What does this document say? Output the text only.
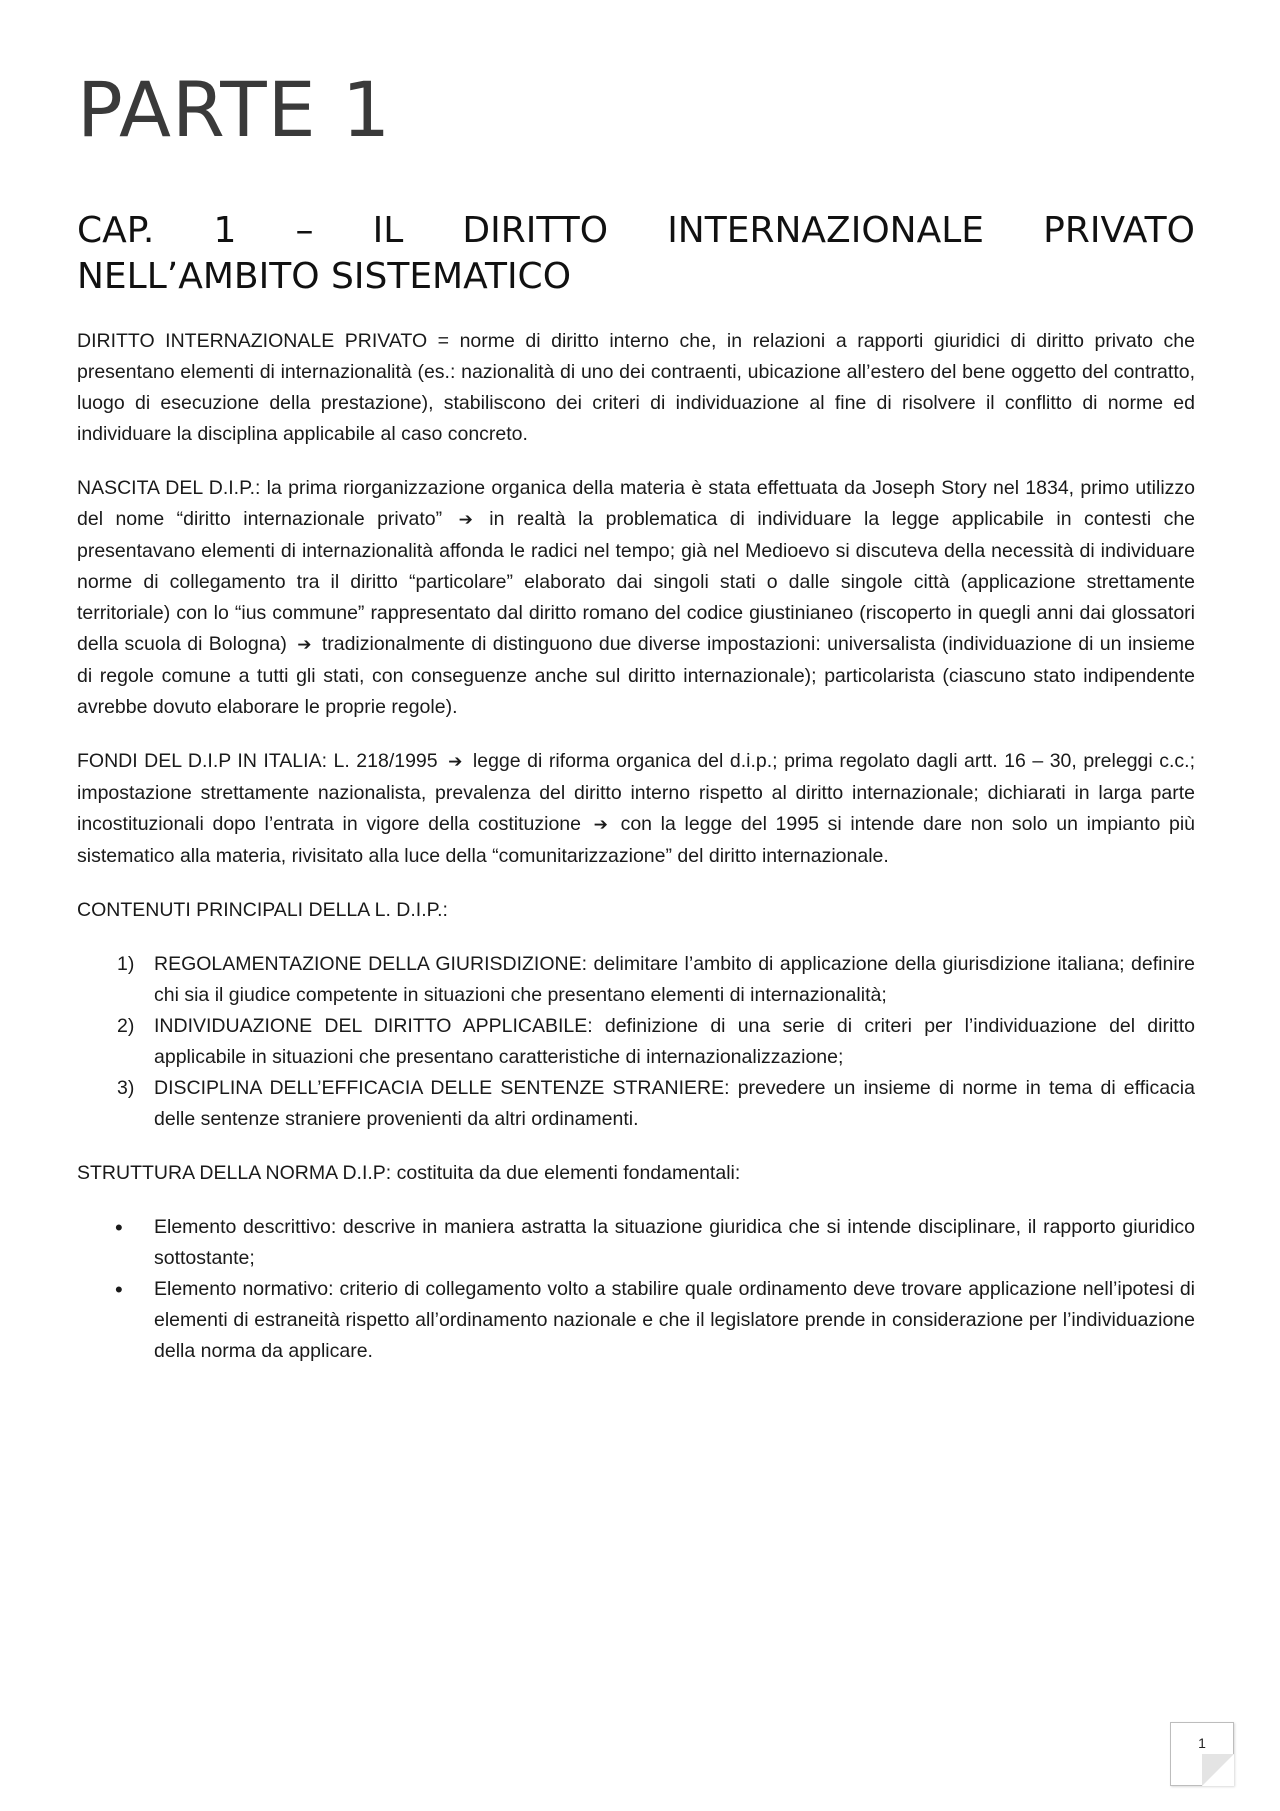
PARTE 1
CAP. 1 – IL DIRITTO INTERNAZIONALE PRIVATO
NELL’AMBITO SISTEMATICO

DIRITTO INTERNAZIONALE PRIVATO = norme di diritto interno che, in relazioni a rapporti giuridici di diritto privato che presentano elementi di internazionalità (es.: nazionalità di uno dei contraenti, ubicazione all’estero del bene oggetto del contratto, luogo di esecuzione della prestazione), stabiliscono dei criteri di individuazione al fine di risolvere il conflitto di norme ed individuare la disciplina applicabile al caso concreto.

NASCITA DEL D.I.P.: la prima riorganizzazione organica della materia è stata effettuata da Joseph Story nel 1834, primo utilizzo del nome “diritto internazionale privato” ➔ in realtà la problematica di individuare la legge applicabile in contesti che presentavano elementi di internazionalità affonda le radici nel tempo; già nel Medioevo si discuteva della necessità di individuare norme di collegamento tra il diritto “particolare” elaborato dai singoli stati o dalle singole città (applicazione strettamente territoriale) con lo “ius commune” rappresentato dal diritto romano del codice giustinianeo (riscoperto in quegli anni dai glossatori della scuola di Bologna) ➔ tradizionalmente di distinguono due diverse impostazioni: universalista (individuazione di un insieme di regole comune a tutti gli stati, con conseguenze anche sul diritto internazionale); particolarista (ciascuno stato indipendente avrebbe dovuto elaborare le proprie regole).

FONDI DEL D.I.P IN ITALIA: L. 218/1995 ➔ legge di riforma organica del d.i.p.; prima regolato dagli artt. 16 – 30, preleggi c.c.; impostazione strettamente nazionalista, prevalenza del diritto interno rispetto al diritto internazionale; dichiarati in larga parte incostituzionali dopo l’entrata in vigore della costituzione ➔ con la legge del 1995 si intende dare non solo un impianto più sistematico alla materia, rivisitato alla luce della “comunitarizzazione” del diritto internazionale.

CONTENUTI PRINCIPALI DELLA L. D.I.P.:

1) REGOLAMENTAZIONE DELLA GIURISDIZIONE: delimitare l’ambito di applicazione della giurisdizione italiana; definire chi sia il giudice competente in situazioni che presentano elementi di internazionalità;
2) INDIVIDUAZIONE DEL DIRITTO APPLICABILE: definizione di una serie di criteri per l’individuazione del diritto applicabile in situazioni che presentano caratteristiche di internazionalizzazione;
3) DISCIPLINA DELL’EFFICACIA DELLE SENTENZE STRANIERE: prevedere un insieme di norme in tema di efficacia delle sentenze straniere provenienti da altri ordinamenti.

STRUTTURA DELLA NORMA D.I.P: costituita da due elementi fondamentali:

• Elemento descrittivo: descrive in maniera astratta la situazione giuridica che si intende disciplinare, il rapporto giuridico sottostante;
• Elemento normativo: criterio di collegamento volto a stabilire quale ordinamento deve trovare applicazione nell’ipotesi di elementi di estraneità rispetto all’ordinamento nazionale e che il legislatore prende in considerazione per l’individuazione della norma da applicare.
1
